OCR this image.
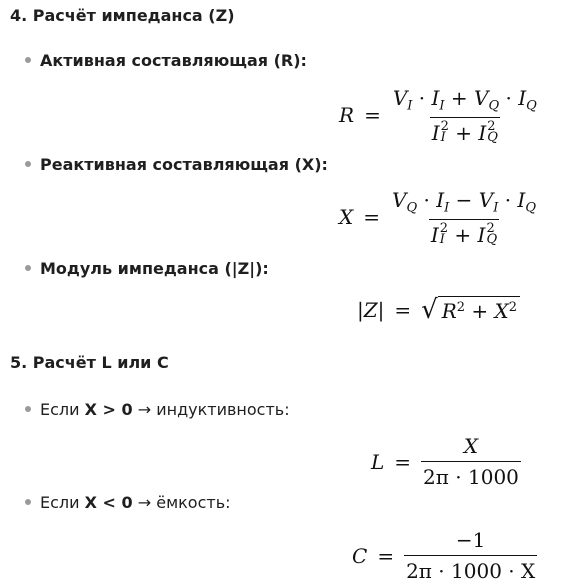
4. Расчёт импеданса (Z)
Активная составляющая (R):
$R = V_I \cdot I_I + V_Q \cdot I_Q$
I 2
I + I 2
Q
Реактивная составляющая (X):
$X = V_Q \cdot I_I - V_I \cdot I_Q$
I 2
I + I 2
Q
Модуль импеданса (|Z|):
|Z| = √ $R^2 + X^2$
5. Расчёт L или C
Если X > 0 → индуктивность:
$L = \frac{X}{2\pi \cdot 1000}$
Если X < 0 → ёмкость:
$C = \frac{-1}{2\pi \cdot 1000 \cdot X}$
